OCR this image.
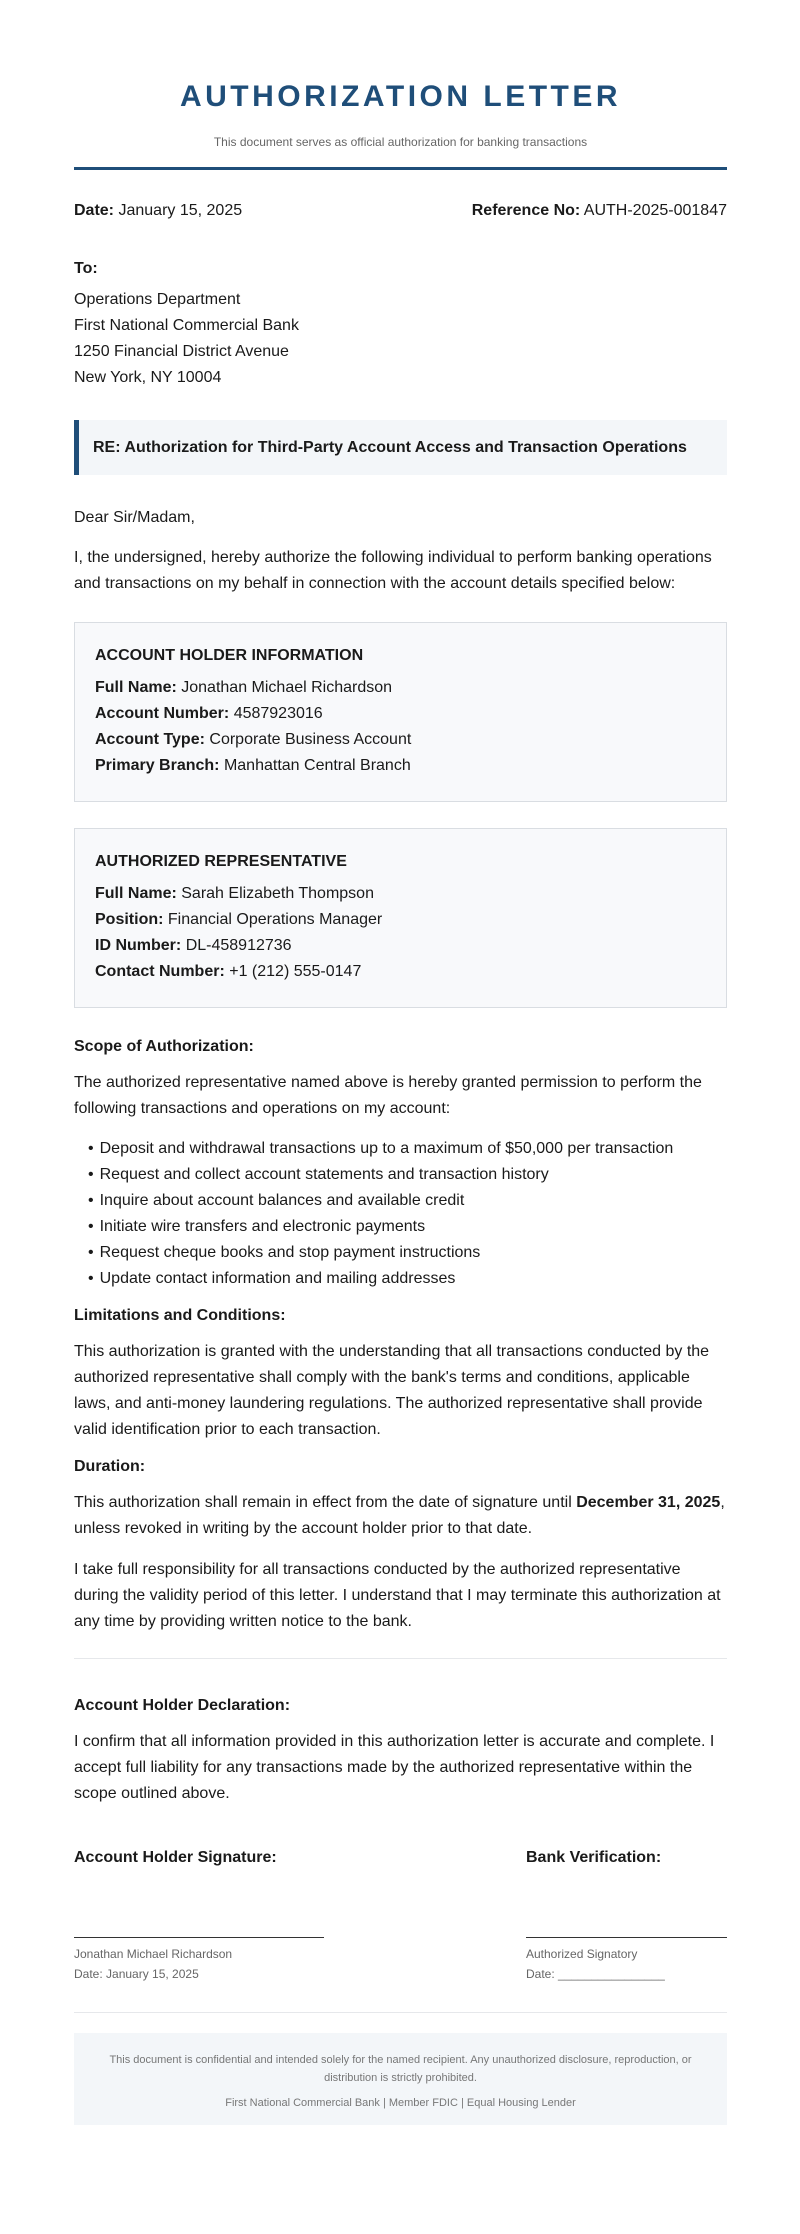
AUTHORIZATION LETTER
This document serves as official authorization for banking transactions
Date: January 15, 2025	Reference No: AUTH-2025-001847
To:
Operations Department
First National Commercial Bank
1250 Financial District Avenue
New York, NY 10004
RE: Authorization for Third-Party Account Access and Transaction Operations
Dear Sir/Madam,
I, the undersigned, hereby authorize the following individual to perform banking operations and transactions on my behalf in connection with the account details specified below:
ACCOUNT HOLDER INFORMATION
Full Name: Jonathan Michael Richardson
Account Number: 4587923016
Account Type: Corporate Business Account
Primary Branch: Manhattan Central Branch
AUTHORIZED REPRESENTATIVE
Full Name: Sarah Elizabeth Thompson
Position: Financial Operations Manager
ID Number: DL-458912736
Contact Number: +1 (212) 555-0147
Scope of Authorization:
The authorized representative named above is hereby granted permission to perform the following transactions and operations on my account:
• Deposit and withdrawal transactions up to a maximum of $50,000 per transaction
• Request and collect account statements and transaction history
• Inquire about account balances and available credit
• Initiate wire transfers and electronic payments
• Request cheque books and stop payment instructions
• Update contact information and mailing addresses
Limitations and Conditions:
This authorization is granted with the understanding that all transactions conducted by the authorized representative shall comply with the bank's terms and conditions, applicable laws, and anti-money laundering regulations. The authorized representative shall provide valid identification prior to each transaction.
Duration:
This authorization shall remain in effect from the date of signature until December 31, 2025, unless revoked in writing by the account holder prior to that date.
I take full responsibility for all transactions conducted by the authorized representative during the validity period of this letter. I understand that I may terminate this authorization at any time by providing written notice to the bank.
Account Holder Declaration:
I confirm that all information provided in this authorization letter is accurate and complete. I accept full liability for any transactions made by the authorized representative within the scope outlined above.
Account Holder Signature:
Jonathan Michael Richardson
Date: January 15, 2025
Bank Verification:
Authorized Signatory
Date: ________________
This document is confidential and intended solely for the named recipient. Any unauthorized disclosure, reproduction, or distribution is strictly prohibited.
First National Commercial Bank | Member FDIC | Equal Housing Lender
